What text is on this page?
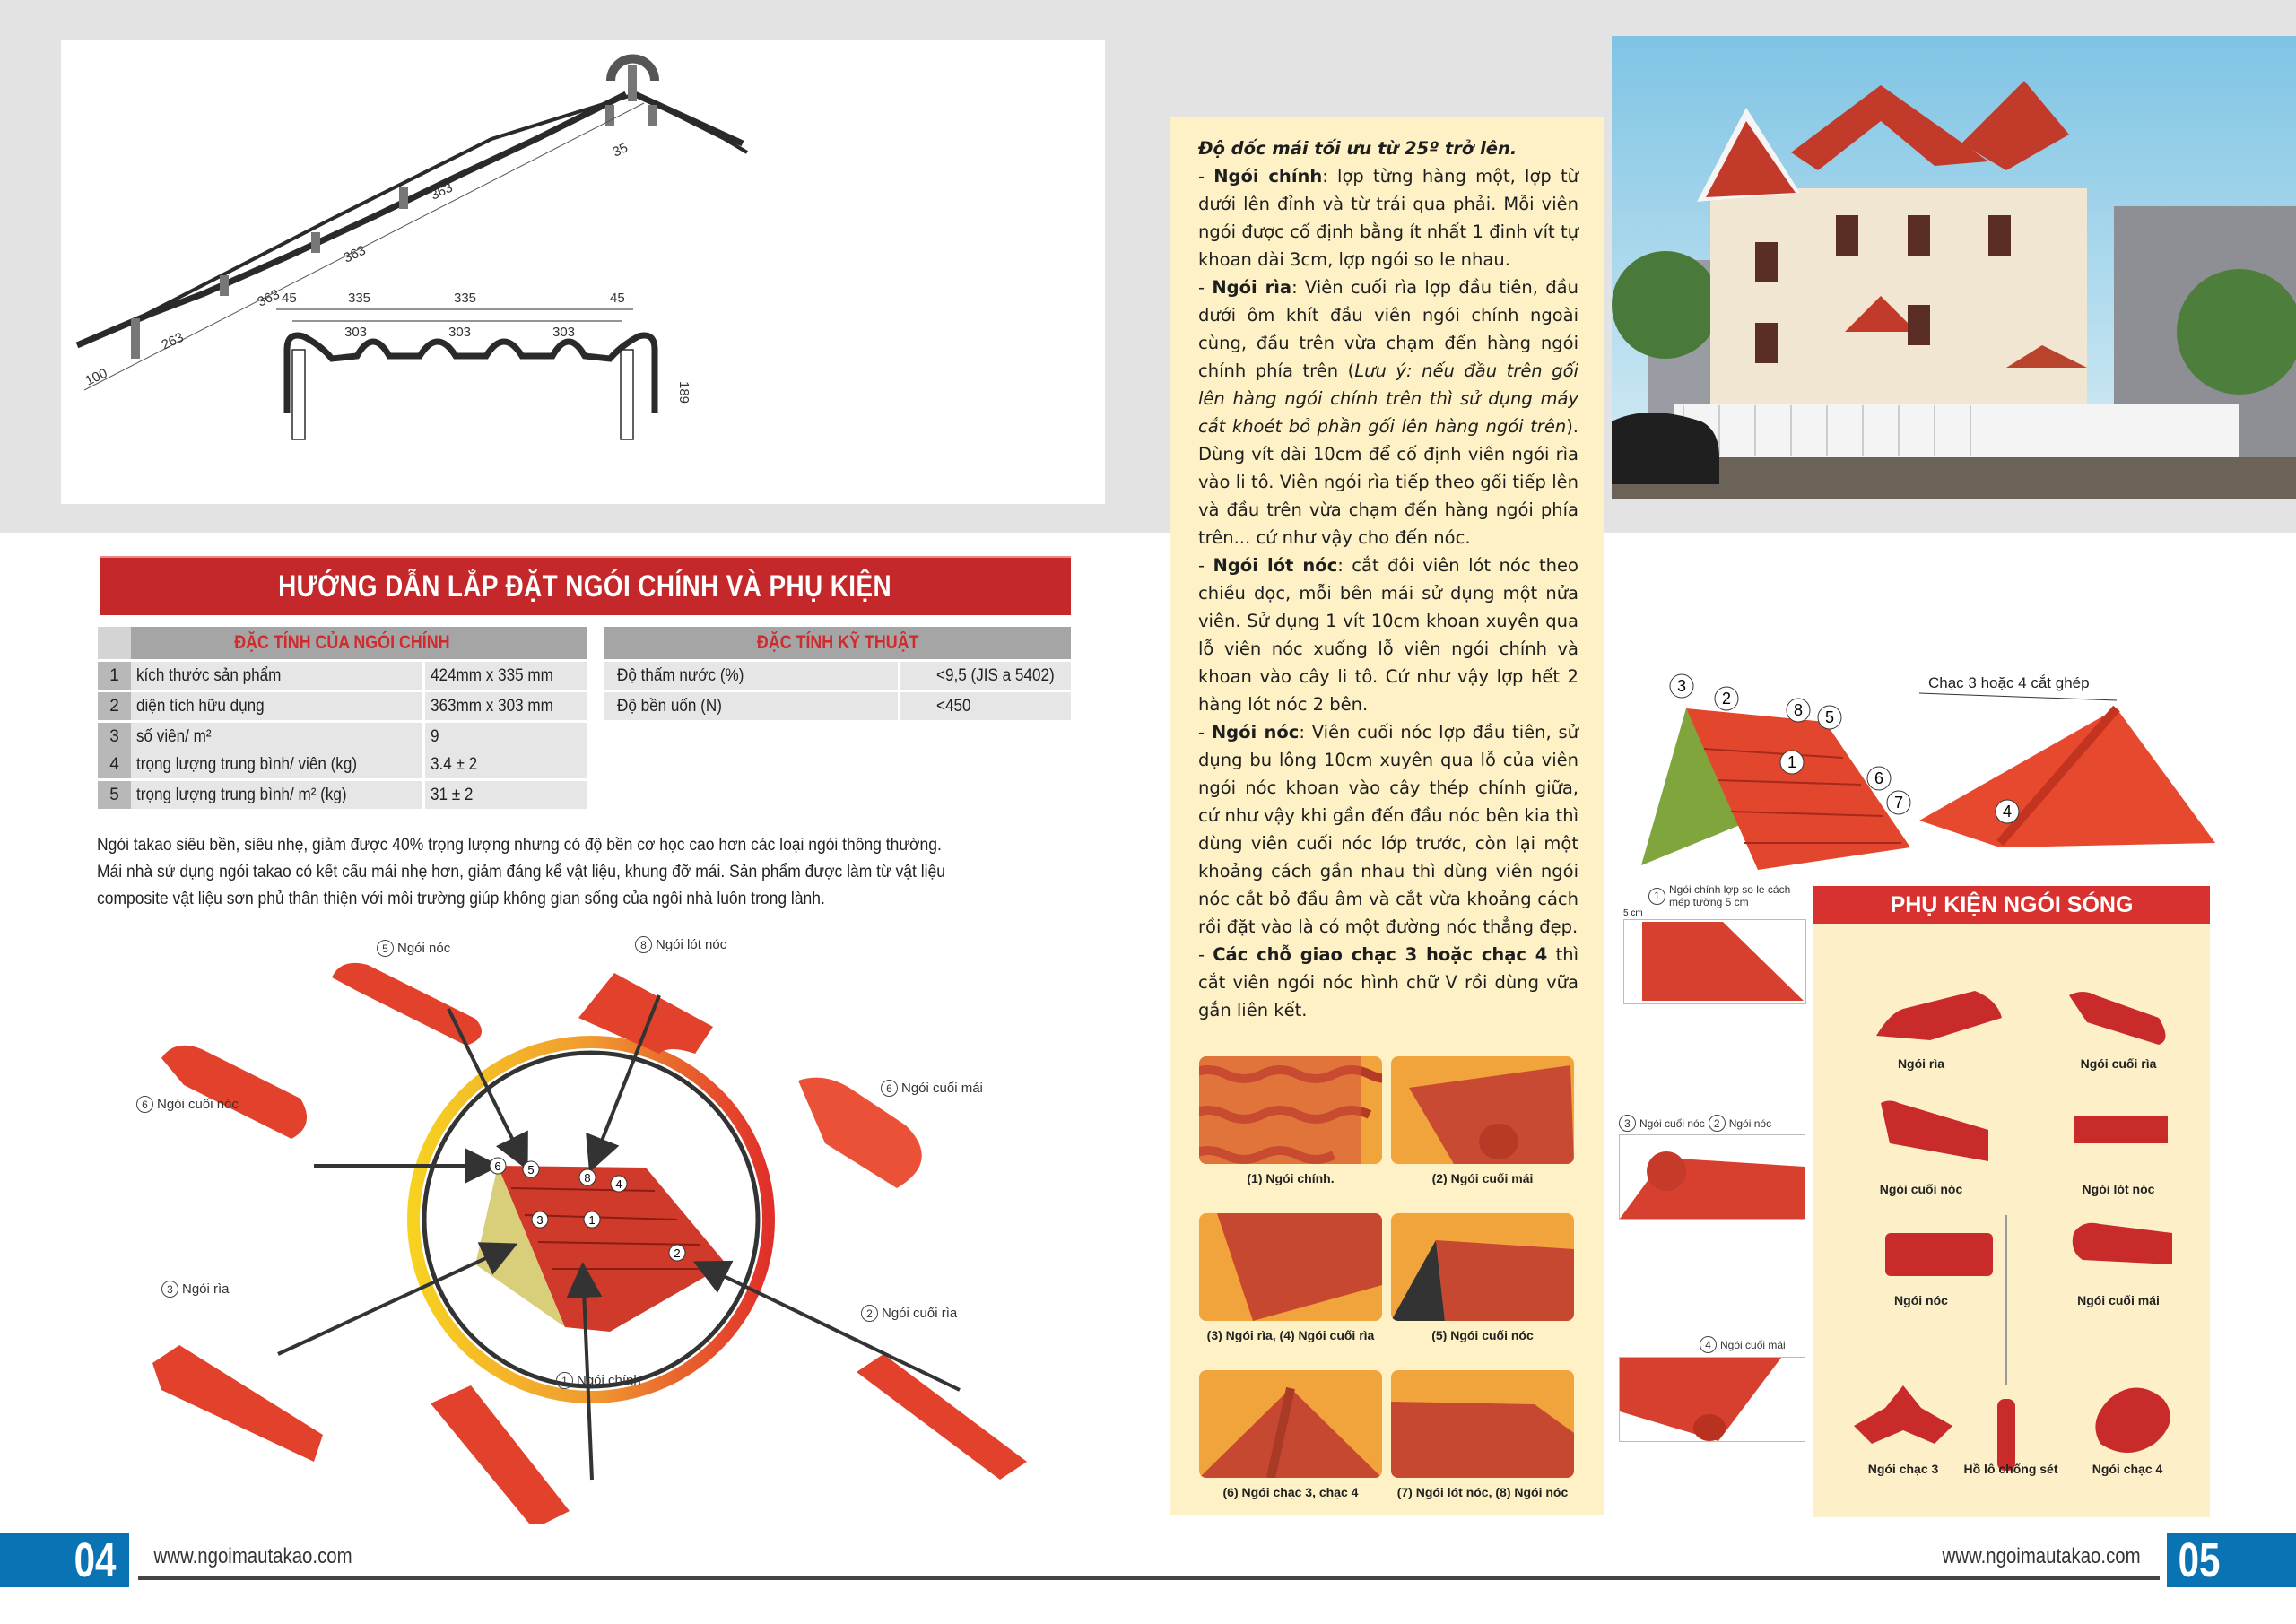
100
263
363
363
363
35
45	335	335	45
303	303	303
189
HƯỚNG DẪN LẮP ĐẶT NGÓI CHÍNH VÀ PHỤ KIỆN
ĐẶC TÍNH CỦA NGÓI CHÍNH
1	kích thước sản phẩm	424mm x 335 mm
2	diện tích hữu dụng	363mm x 303 mm
3	số viên/ m²	9
4	trọng lượng trung bình/ viên (kg)	3.4 ± 2
5	trọng lượng trung bình/ m² (kg)	31 ± 2
ĐẶC TÍNH KỸ THUẬT
Độ thấm nước (%)	<9,5 (JIS a 5402)
Độ bền uốn (N)	<450

Ngói takao siêu bền, siêu nhẹ, giảm được 40% trọng lượng nhưng có độ bền cơ học cao hơn các loại ngói thông thường.

Mái nhà sử dụng ngói takao có kết cấu mái nhẹ hơn, giảm đáng kể vật liệu, khung đỡ mái. Sản phẩm được làm từ vật liệu

composite vật liệu sơn phủ thân thiện với môi trường giúp không gian sống của ngôi nhà luôn trong lành.

6 5
8 4
3	1
2
5 Ngói nóc	8 Ngói lót nóc
6 Ngói cuối nóc
6 Ngói cuối mái
3 Ngói rìa
1 Ngói chính
2 Ngói cuối rìa
04	www.ngoimautakao.com

Độ dốc mái tối ưu từ 25º trở lên.

- Ngói chính: lợp từng hàng một, lợp từ dưới lên đỉnh và từ trái qua phải. Mỗi viên ngói được cố định bằng ít nhất 1 đinh vít tự khoan dài 3cm, lợp ngói so le nhau.

- Ngói rìa: Viên cuối rìa lợp đầu tiên, đầu dưới ôm khít đầu viên ngói chính ngoài cùng, đầu trên vừa chạm đến hàng ngói chính phía trên (Lưu ý: nếu đầu trên gối lên hàng ngói chính trên thì sử dụng máy cắt khoét bỏ phần gối lên hàng ngói trên). Dùng vít dài 10cm để cố định viên ngói rìa vào li tô. Viên ngói rìa tiếp theo gối tiếp lên và đầu trên vừa chạm đến hàng ngói phía trên... cứ như vậy cho đến nóc.

- Ngói lót nóc: cắt đôi viên lót nóc theo chiều dọc, mỗi bên mái sử dụng một nửa viên. Sử dụng 1 vít 10cm khoan xuyên qua lỗ viên nóc xuống lỗ viên ngói chính và khoan vào cây li tô. Cứ như vậy lợp hết 2 hàng lót nóc 2 bên.

- Ngói nóc: Viên cuối nóc lợp đầu tiên, sử dụng bu lông 10cm xuyên qua lỗ của viên ngói nóc khoan vào cây thép chính giữa, cứ như vậy khi gần đến đầu nóc bên kia thì dùng viên cuối nóc lớp trước, còn lại một khoảng cách gần nhau thì dùng viên ngói nóc cắt bỏ đầu âm và cắt vừa khoảng cách rồi đặt vào là có một đường nóc thẳng đẹp.

- Các chỗ giao chạc 3 hoặc chạc 4 thì cắt viên ngói nóc hình chữ V rồi dùng vữa gắn liên kết.

3
2
8 5
1
6
7	4
Chạc 3 hoặc 4 cắt ghép
(1) Ngói chính.	(2) Ngói cuối mái
(3) Ngói rìa, (4) Ngói cuối rìa	(5) Ngói cuối nóc
(6) Ngói chạc 3, chạc 4	(7) Ngói lót nóc, (8) Ngói nóc
1 Ngói chính lợp so le cách mép tường 5 cm
5 cm
3 Ngói cuối nóc 2 Ngói nóc
4 Ngói cuối mái
PHỤ KIỆN NGÓI SÓNG
Ngói rìa	Ngói cuối rìa
Ngói cuối nóc	Ngói lót nóc
Ngói nóc	Ngói cuối mái
Ngói chạc 3	Hồ lô chống sét	Ngói chạc 4
www.ngoimautakao.com 05
